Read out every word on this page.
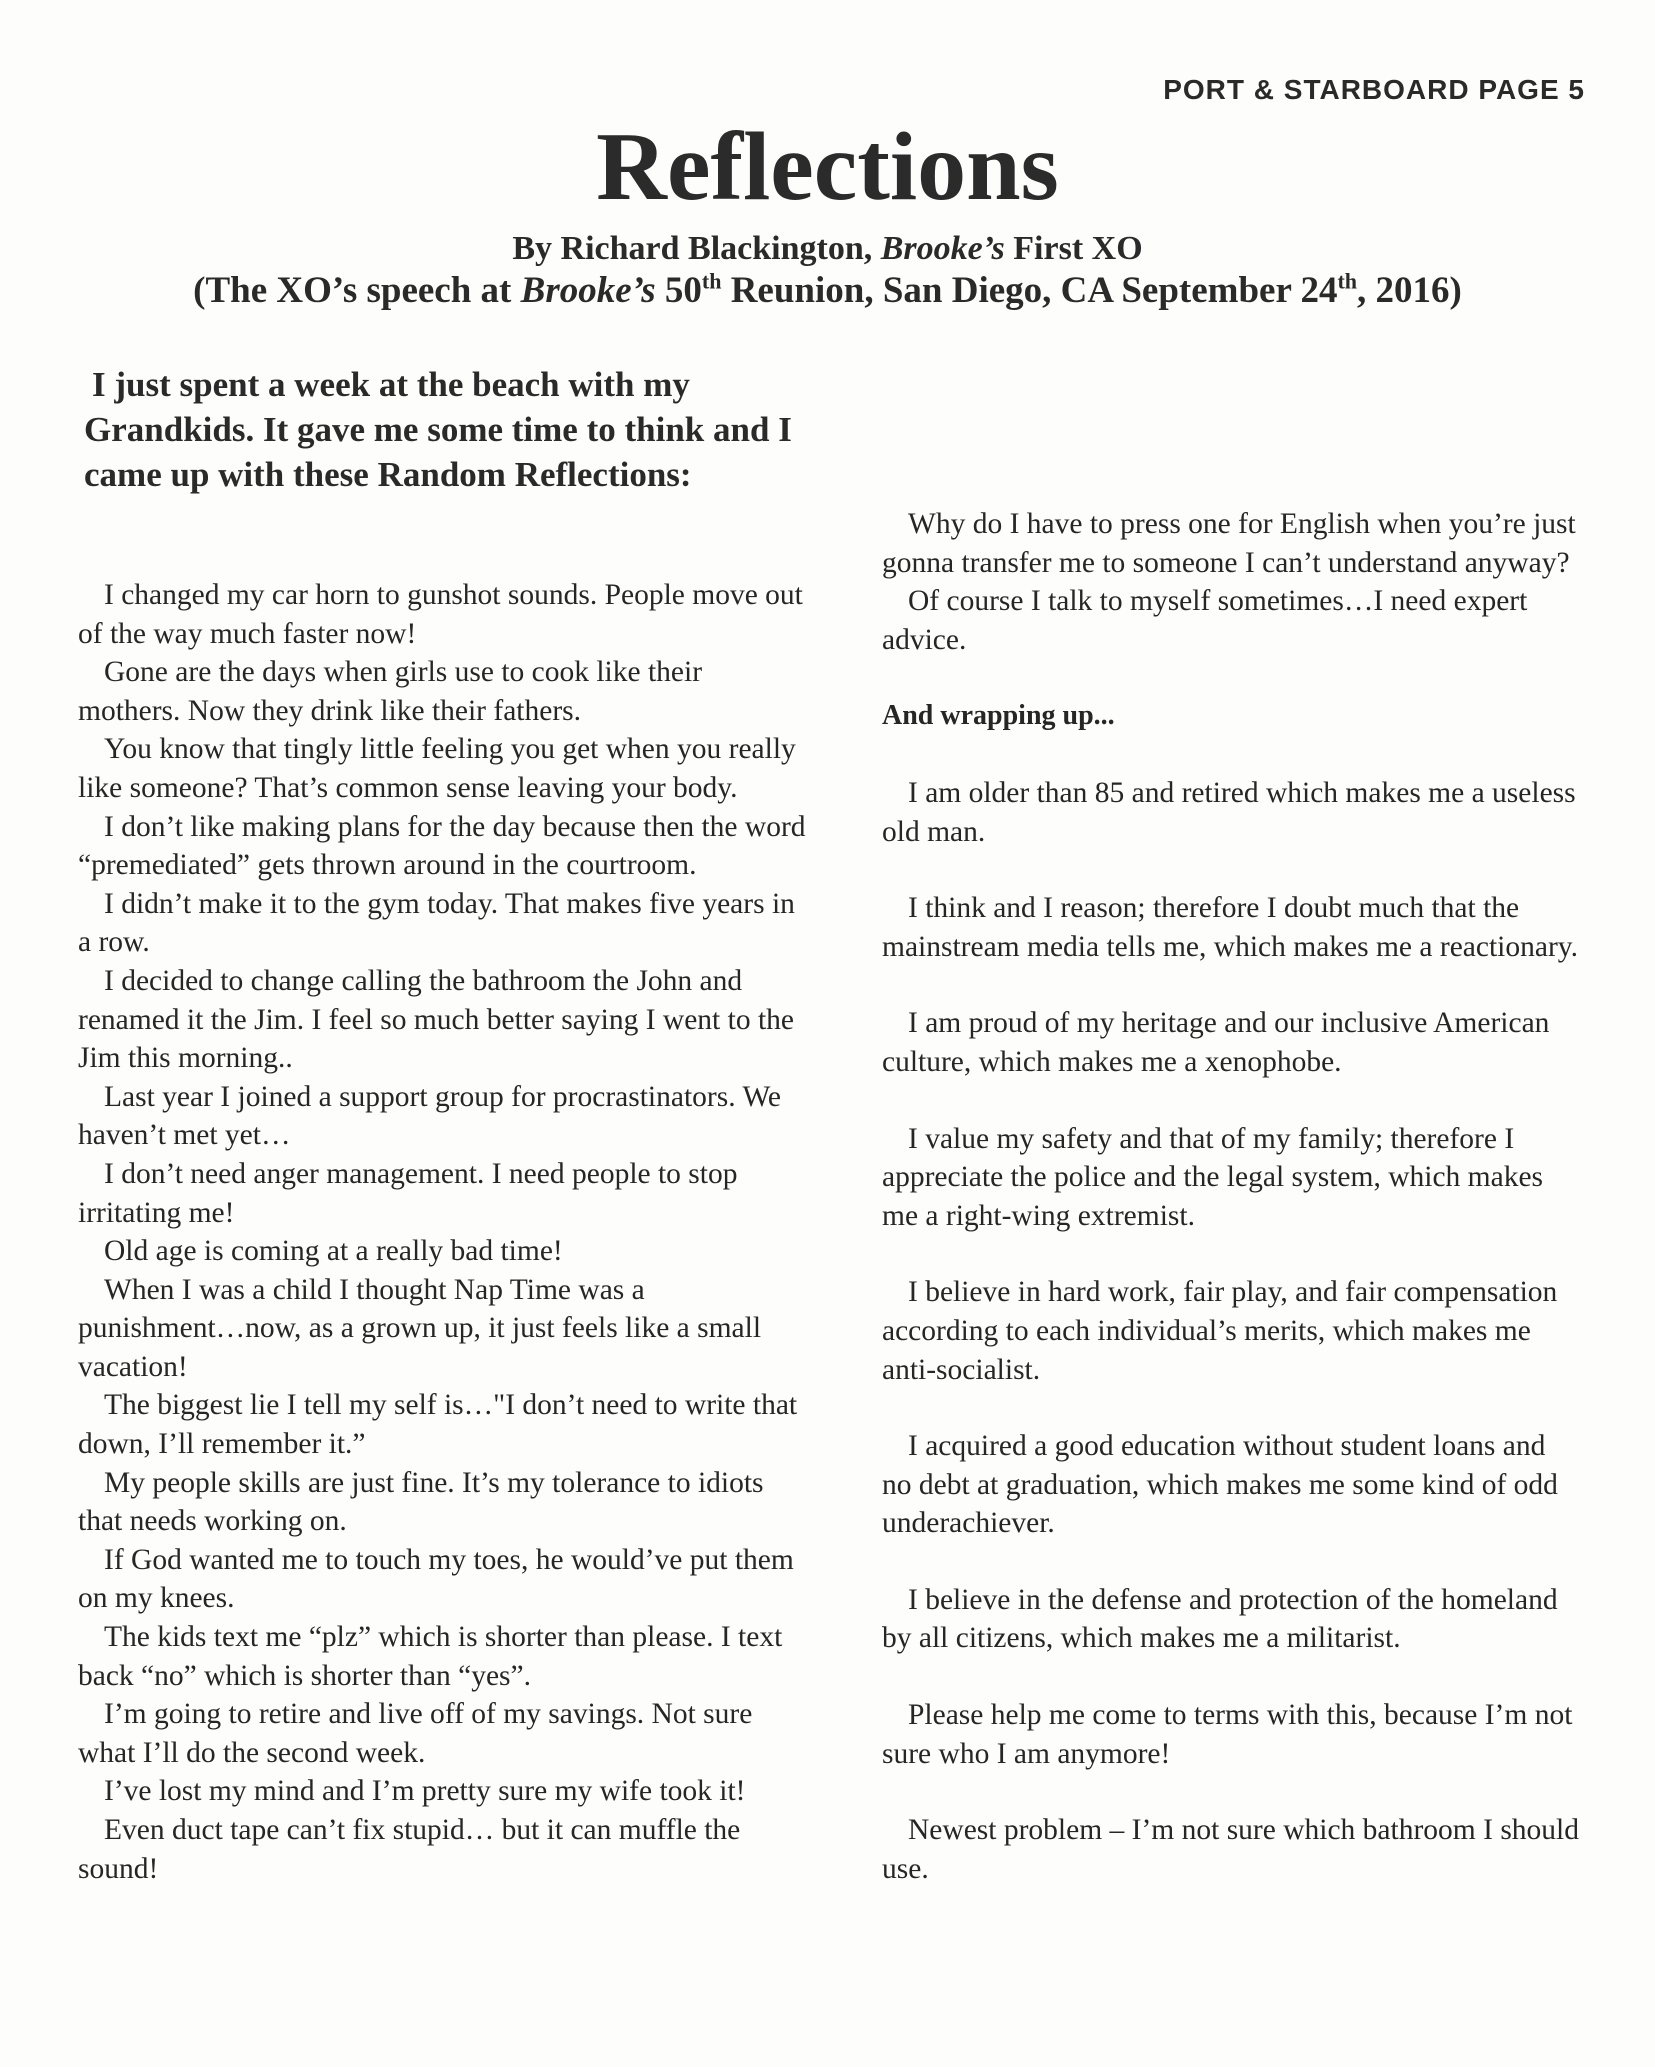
PORT & STARBOARD PAGE 5
Reflections
By Richard Blackington, Brooke’s First XO
(The XO’s speech at Brooke’s 50th Reunion, San Diego, CA September 24th, 2016)
I just spent a week at the beach with my Grandkids. It gave me some time to think and I came up with these Random Reflections:

I changed my car horn to gunshot sounds. People move out of the way much faster now!

Gone are the days when girls use to cook like their mothers. Now they drink like their fathers.

You know that tingly little feeling you get when you really like someone? That’s common sense leaving your body.

I don’t like making plans for the day because then the word “premediated” gets thrown around in the courtroom.

I didn’t make it to the gym today. That makes five years in a row.

I decided to change calling the bathroom the John and renamed it the Jim. I feel so much better saying I went to the Jim this morning..

Last year I joined a support group for procrastinators. We haven’t met yet…

I don’t need anger management. I need people to stop irritating me!

Old age is coming at a really bad time!

When I was a child I thought Nap Time was a punishment…now, as a grown up, it just feels like a small vacation!

The biggest lie I tell my self is…"I don’t need to write that down, I’ll remember it.”

My people skills are just fine. It’s my tolerance to idiots that needs working on.

If God wanted me to touch my toes, he would’ve put them on my knees.

The kids text me “plz” which is shorter than please. I text back “no” which is shorter than “yes”.

I’m going to retire and live off of my savings. Not sure what I’ll do the second week.

I’ve lost my mind and I’m pretty sure my wife took it!

Even duct tape can’t fix stupid… but it can muffle the sound!

Why do I have to press one for English when you’re just gonna transfer me to someone I can’t understand anyway?

Of course I talk to myself sometimes…I need expert advice.

And wrapping up...

I am older than 85 and retired which makes me a useless old man.

I think and I reason; therefore I doubt much that the mainstream media tells me, which makes me a reactionary.

I am proud of my heritage and our inclusive American culture, which makes me a xenophobe.

I value my safety and that of my family; therefore I appreciate the police and the legal system, which makes me a right-wing extremist.

I believe in hard work, fair play, and fair compensation according to each individual’s merits, which makes me anti-socialist.

I acquired a good education without student loans and no debt at graduation, which makes me some kind of odd underachiever.

I believe in the defense and protection of the homeland by all citizens, which makes me a militarist.

Please help me come to terms with this, because I’m not sure who I am anymore!

Newest problem – I’m not sure which bathroom I should use.
